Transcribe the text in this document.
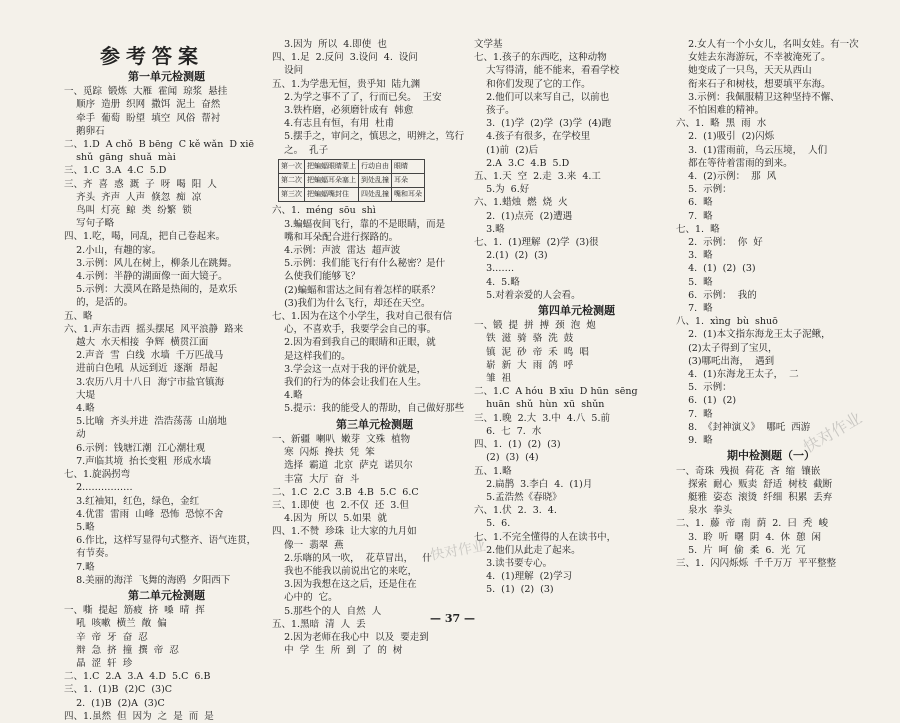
参考答案
第一单元检测题
一、觅踪  锻炼  大雁  霍闻  琼浆  悬挂
顺序  造册  织网  撒饵  泥土  奋然
牵手  葡萄  盼望  填空  风俗  帮衬
鹅卵石
二、1.D  A chǒ  B bēng  C kě wǎn  D xiē
shǔ  gāng  shuǎ  mài
三、1.C  3.A  4.C  5.D
三、齐  喜  惑  溉  子  呀  喝  阳  人
齐头  齐声  人声  倏忽  痴  凉
鸟叫  灯亮  鲸  类  纷繁  锁
写句子略
四、1.吃，喝，同乱，把自己卷起来。
2.小山，有趣的家。
3.示例：风儿在树上，柳条儿在跳舞。
4.示例：半静的湖面像一面大镜子。
5.示例：大漠风在路是热闹的，是欢乐
的，是活的。
五、略
六、1.声东击西  摇头摆尾  风平浪静  路来
越大  水天相接  争辉  横贯江面
2.声音  雪  白线  水墙  千万匹战马
进前白色吼  从远到近  逐渐  昂起
3.农历八月十八日  海宁市盐官镇海
大堤
4.略
5.比喻  齐头并进  浩浩荡荡  山崩地
动
6.示例：钱塘江潮  江心潮壮观
7.声临其境  抬长变粗  形成水墙
七、1.旋涡拐弯
2.……………
3.红袖知，红色，绿色，金红
4.优雷  雷雨  山峰  恐怖  恐惊不舍
5.略
6.作比，这样写显得句式整齐、语气连贯，
有节奏。
7.略
8.美丽的海洋  飞舞的海鸥  夕阳西下
第二单元检测题
一、嘶  提起  筋疲  挤  嗓  晴  挥
吼  咳嗽  横兰  敞  偏
辛  帝  牙  奋  忍
辩  急  挤  撞  撰  帝  忍
晶  涩  轩  珍
二、1.C  2.A  3.A  4.D  5.C  6.B
三、1.  (1)B  (2)C  (3)C
2.  (1)B  (2)A  (3)C
四、1.虽然  但  因为  之  是  而  是
3.因为  所以  4.即使  也
四、1.足  2.反问  3.设问  4.  设问
设问
五、1.为学患无恒，贵乎知  陆九渊
2.为学之事不了了，行而已矣。  王安
3.铁杵磨，必须磨针成有  韩愈
4.有志且有恒，有用  杜甫
5.摆手之，审问之，慎思之，明辨之，笃行
之。  孔子
第一次	把蝙蝠眼睛蒙上	行动自由	眼睛
第二次	把蝙蝠耳朵塞上	到处乱撞	耳朵
第三次	把蝙蝠嘴封住	四处乱撞	嘴和耳朵
六、1.  méng  sōu  shì
3.蝙蝠夜间飞行，靠的不是眼睛，而是
嘴和耳朵配合进行探路的。
4.示例：声波  雷达  超声波
5.示例：我们能飞行有什么秘密？是什
么使我们能够飞？
(2)蝙蝠和雷达之间有着怎样的联系？
(3)我们为什么飞行，却还在天空。
七、1.因为在这个小学生，我对自己很有信
心，不喜欢手，我要学会自己的事。
2.因为看到我自己的眼睛和正眼，就
是这样我们的。
3.学会这一点对于我的评价就是，
我们的行为的体会让我们在人生。
4.略
5.提示：我的能受人的帮助，自己做好那些
第三单元检测题
一、新疆  喇叭  嫩芽  文殊  植物
寒  闪烁  搀扶  凭  笨
选择  霸道  北京  萨克  诺贝尔
丰富  大厅  奋  斗
二、1.C  2.C  3.B  4.B  5.C  6.C
三、1.即使  也  2.不仅  还  3.但
4.因为  所以  5.如果  就
四、1.不赞  珍珠  让大家的九月如
像一  翡翠  燕
2.乐嗨的风一吹，  花草冒出，   什
我也不能我以前说出它的来吃，
3.因为我想在这之后，还是住在
心中的  它。
5.那些个的人  自然  人
五、1.黑暗  清  人  丢
2.因为老师在我心中  以及  要走到
中  学  生  所  到  了  的  树
文学基
七、1.孩子的东西吃，这种动物
大写得清，能不能来，看看学校
和你们发现了它的工作。
2.他们可以来写自己，以前也
孩子。
3.  (1)学  (2)学  (3)学  (4)跑
4.孩子有很多，在学校里
(1)前  (2)后
2.A  3.C  4.B  5.D
五、1.天  空  2.走  3.来  4.工
5.为  6.好
六、1.蜡烛  燃  烧  火
2.  (1)点亮  (2)遭遇
3.略
七、1.  (1)理解  (2)学  (3)很
2.(1)  (2)  (3)
3.……
4.  5.略
5.对着亲爱的人会看。
第四单元检测题
一、锻  提  拼  搏  颈  泡  炮
铁  滋  骑  骆  洗  鼓
镇  泥  砂  帝  禾  鸣  唱
崭  新  大  雨  鸽  呼
雏  祖
二、1.C  A hóu  B xīu  D hūn  sēng
huān  shǔ  hùn  xū  shǔn
三、1.晚  2.大  3.中  4.八  5.前
6.  七  7.  水
四、1.  (1)  (2)  (3)
(2)  (3)  (4)
五、1.略
2.扁鹊  3.李白  4.  (1)月
5.孟浩然《春晓》
六、1.伏  2.  3.  4.
5.  6.
七、1.不完全懂得的人在读书中，
2.他们从此走了起来。
3.读书要专心。
4.  (1)理解  (2)学习
5.  (1)  (2)  (3)
2.女人有一个小女儿，名叫女娃。有一次
女娃去东海游玩，不幸被淹死了。
她变成了一只鸟，天天从西山
衔来石子和树枝，想要填平东海。
3.示例：我佩服精卫这种坚持不懈、
不怕困难的精神。
六、1.  略  黑  雨  水
2.  (1)吸引  (2)闪烁
3.  (1)雷雨前，乌云压境，  人们
都在等待着雷雨的到来。
4.  (2)示例：  那  风
5.  示例：
6.  略
7.  略
七、1.  略
2.  示例：  你  好
3.  略
4.  (1)  (2)  (3)
5.  略
6.  示例：  我的
7.  略
八、1.  xìng  bù  shuō
2.  (1)本文指东海龙王太子泥鳅，
(2)太子得到了宝贝，
(3)哪吒出海，  遇到
4.  (1)东海龙王太子，  二
5.  示例：
6.  (1)  (2)
7.  略
8.  《封神演义》  哪吒  西游
9.  略
期中检测题（一）
一、奇珠  残损  荷花  吝  缩  镶嵌
探索  耐心  贩卖  舒适  树枝  截断
艇雅  姿态  滚烫  纤细  积累  丢弃
泉水  拳头
二、1.  藤  帝  南  荫  2.  曰  秃  峻
3.  聆  听  曙  阴  4.  休  憩  闲
5.  片  呵  偷  柔  6.  光  冗
三、1.  闪闪烁烁  千千万万  平平整整
快对作业
快对作业
— 37 —
